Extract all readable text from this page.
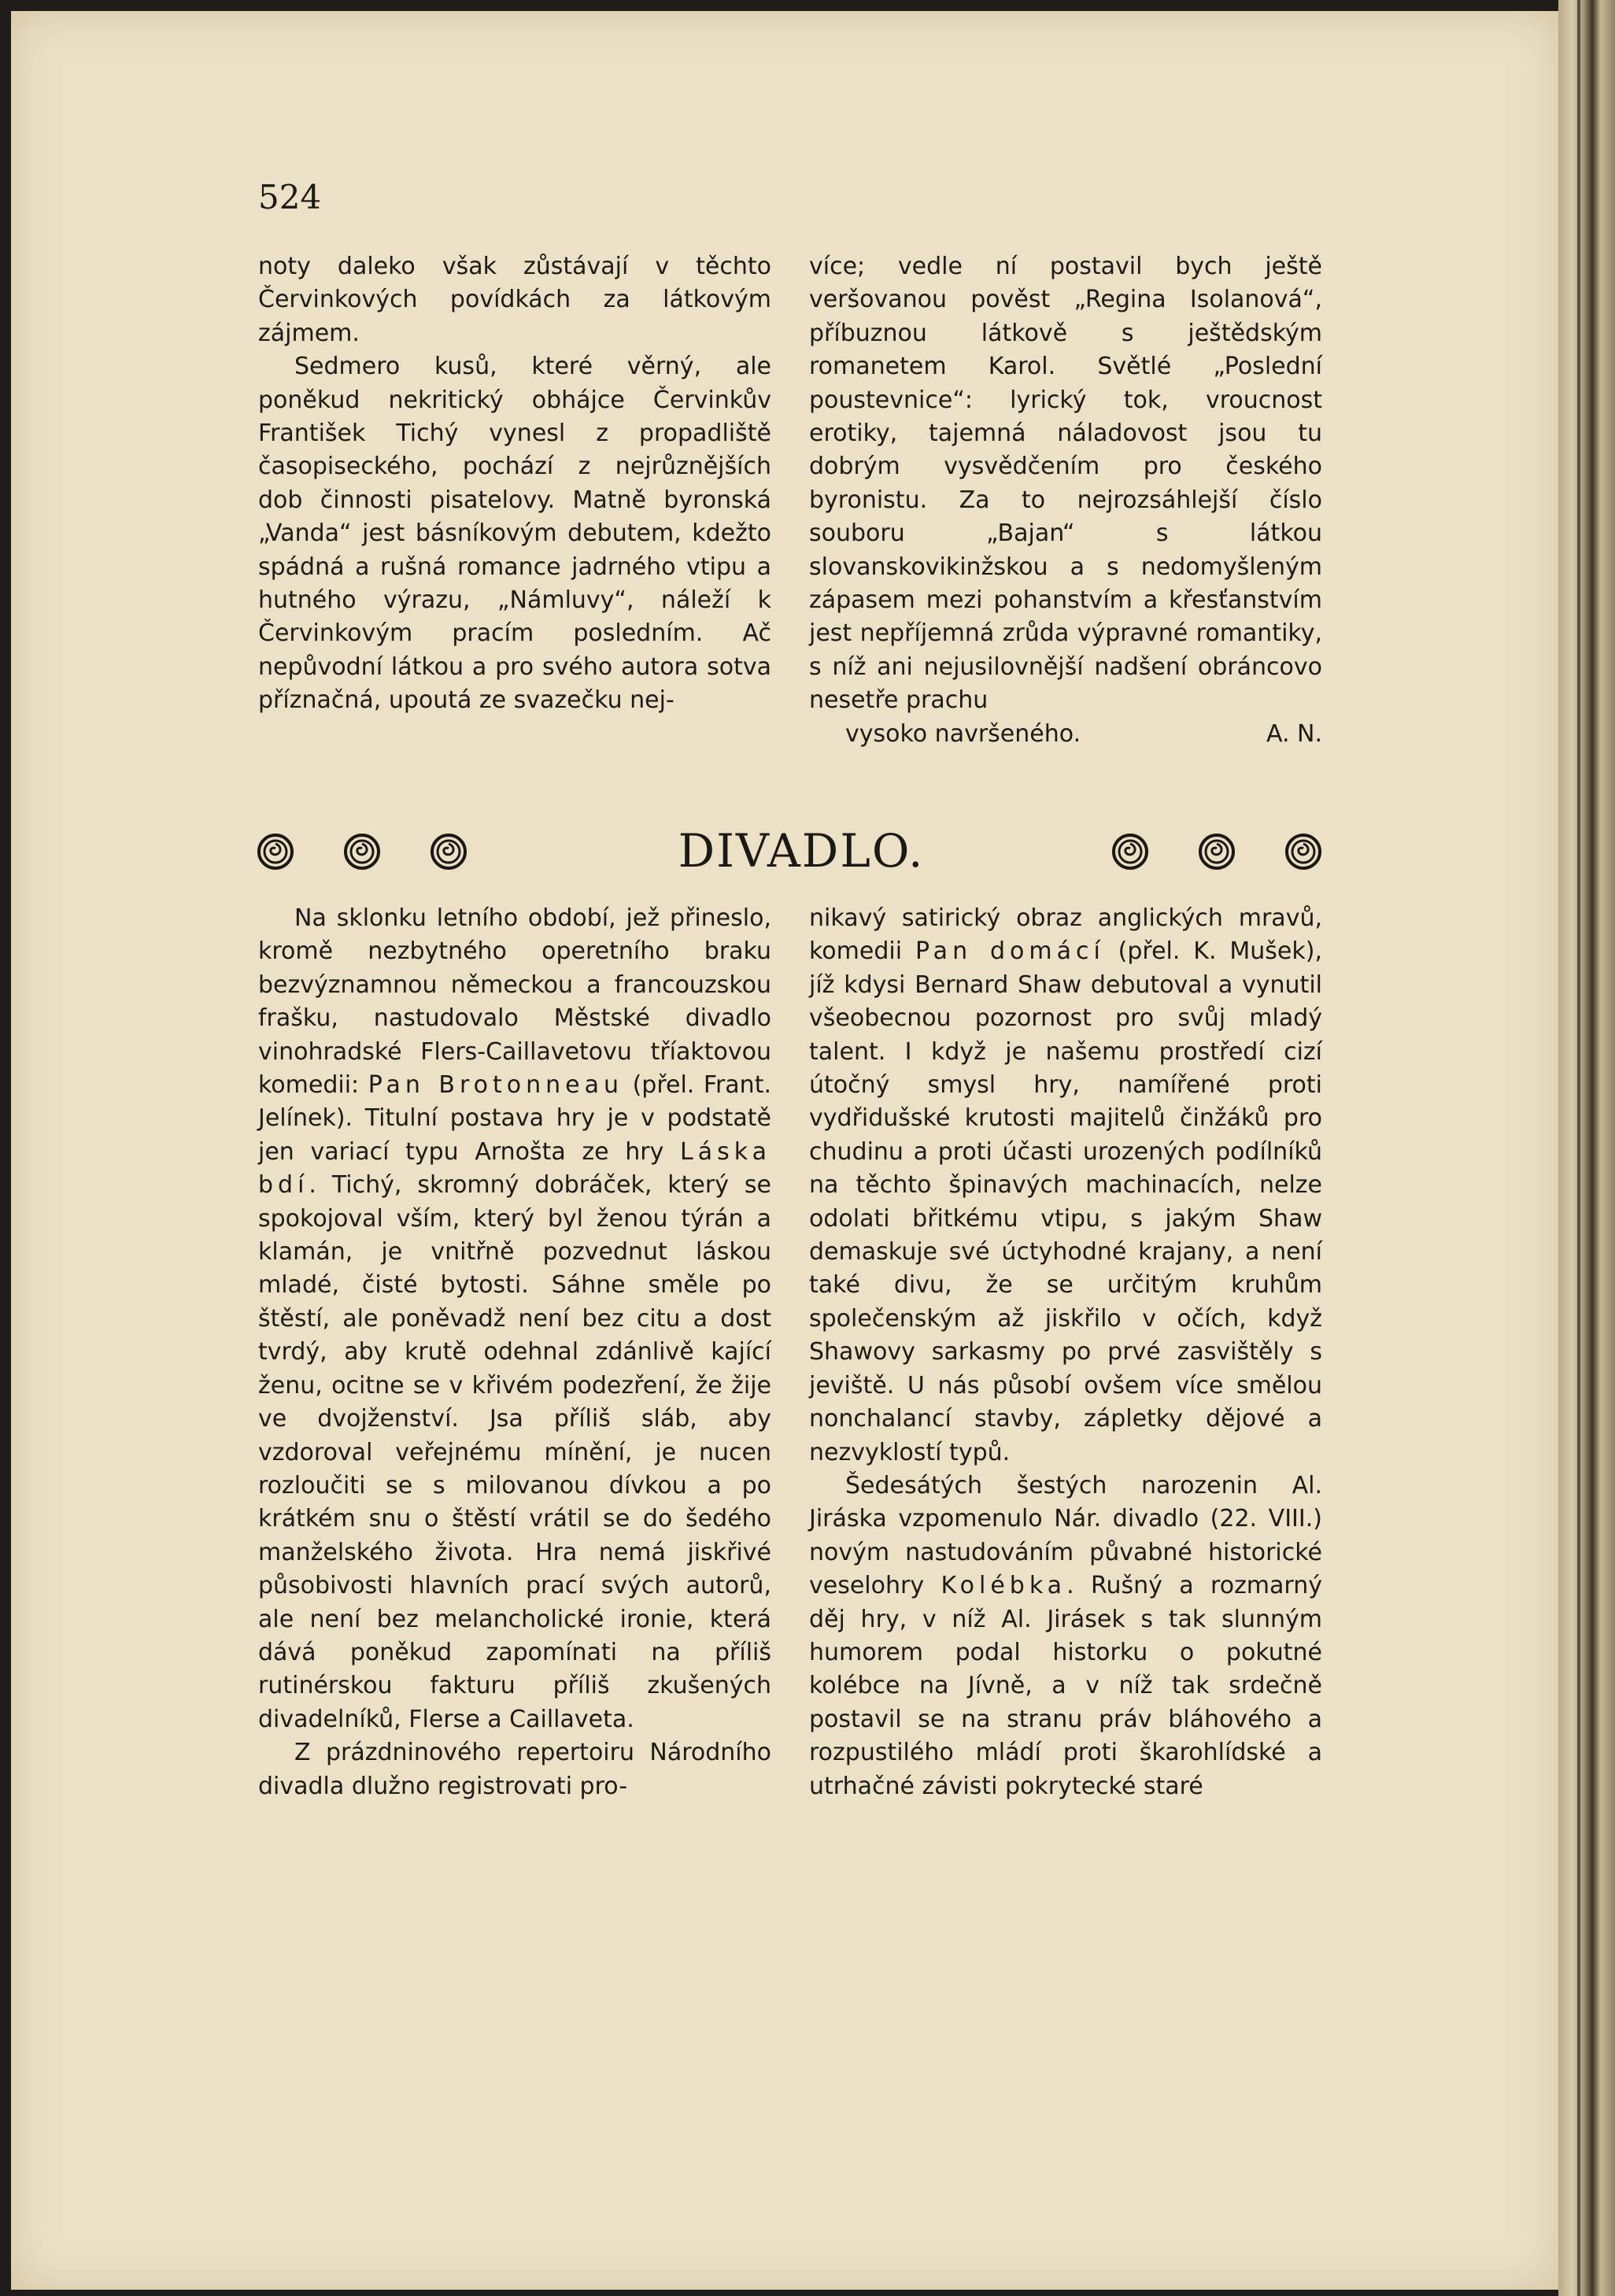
524

noty daleko však zůstávají v těchto Červinkových povídkách za látkovým zájmem.

Sedmero kusů, které věrný, ale poněkud nekritický obhájce Červinkův František Tichý vynesl z propadliště časopiseckého, pochází z nejrůznějších dob činnosti pisatelovy. Matně byronská „Vanda“ jest básníkovým debutem, kdežto spádná a rušná romance jadrného vtipu a hutného výrazu, „Námluvy“, náleží k Červinkovým pracím posledním. Ač nepůvodní látkou a pro svého autora sotva příznačná, upoutá ze svazečku nej-

více; vedle ní postavil bych ještě veršovanou pověst „Regina Isolanová“, příbuznou látkově s ještědským romanetem Karol. Světlé „Poslední poustevnice“: lyrický tok, vroucnost erotiky, tajemná náladovost jsou tu dobrým vysvědčením pro českého byronistu. Za to nejrozsáhlejší číslo souboru „Bajan“ s látkou slovanskovikinžskou a s nedomyšleným zápasem mezi pohanstvím a křesťanstvím jest nepříjemná zrůda výpravné romantiky, s níž ani nejusilovnější nadšení obráncovo nesetře prachu

vysoko navršeného.	A. N.

DIVADLO.

Na sklonku letního období, jež přineslo, kromě nezbytného operetního braku bezvýznamnou německou a francouzskou frašku, nastudovalo Městské divadlo vinohradské Flers-Caillavetovu tříaktovou komedii: Pan Brotonneau (přel. Frant. Jelínek). Titulní postava hry je v podstatě jen variací typu Arnošta ze hry Láska bdí. Tichý, skromný dobráček, který se spokojoval vším, který byl ženou týrán a klamán, je vnitřně pozvednut láskou mladé, čisté bytosti. Sáhne směle po štěstí, ale poněvadž není bez citu a dost tvrdý, aby krutě odehnal zdánlivě kající ženu, ocitne se v křivém podezření, že žije ve dvojženství. Jsa příliš sláb, aby vzdoroval veřejnému mínění, je nucen rozloučiti se s milovanou dívkou a po krátkém snu o štěstí vrátil se do šedého manželského života. Hra nemá jiskřivé působivosti hlavních prací svých autorů, ale není bez melancholické ironie, která dává poněkud zapomínati na příliš rutinérskou fakturu příliš zkušených divadelníků, Flerse a Caillaveta.

Z prázdninového repertoiru Národního divadla dlužno registrovati pro-

nikavý satirický obraz anglických mravů, komedii Pan domácí (přel. K. Mušek), jíž kdysi Bernard Shaw debutoval a vynutil všeobecnou pozornost pro svůj mladý talent. I když je našemu prostředí cizí útočný smysl hry, namířené proti vydřidušské krutosti majitelů činžáků pro chudinu a proti účasti urozených podílníků na těchto špinavých machinacích, nelze odolati břitkému vtipu, s jakým Shaw demaskuje své úctyhodné krajany, a není také divu, že se určitým kruhům společenským až jiskřilo v očích, když Shawovy sarkasmy po prvé zasvištěly s jeviště. U nás působí ovšem více smělou nonchalancí stavby, zápletky dějové a nezvyklostí typů.

Šedesátých šestých narozenin Al. Jiráska vzpomenulo Nár. divadlo (22. VIII.) novým nastudováním půvabné historické veselohry Kolébka. Rušný a rozmarný děj hry, v níž Al. Jirásek s tak slunným humorem podal historku o pokutné kolébce na Jívně, a v níž tak srdečně postavil se na stranu práv bláhového a rozpustilého mládí proti škarohlídské a utrhačné závisti pokrytecké staré
